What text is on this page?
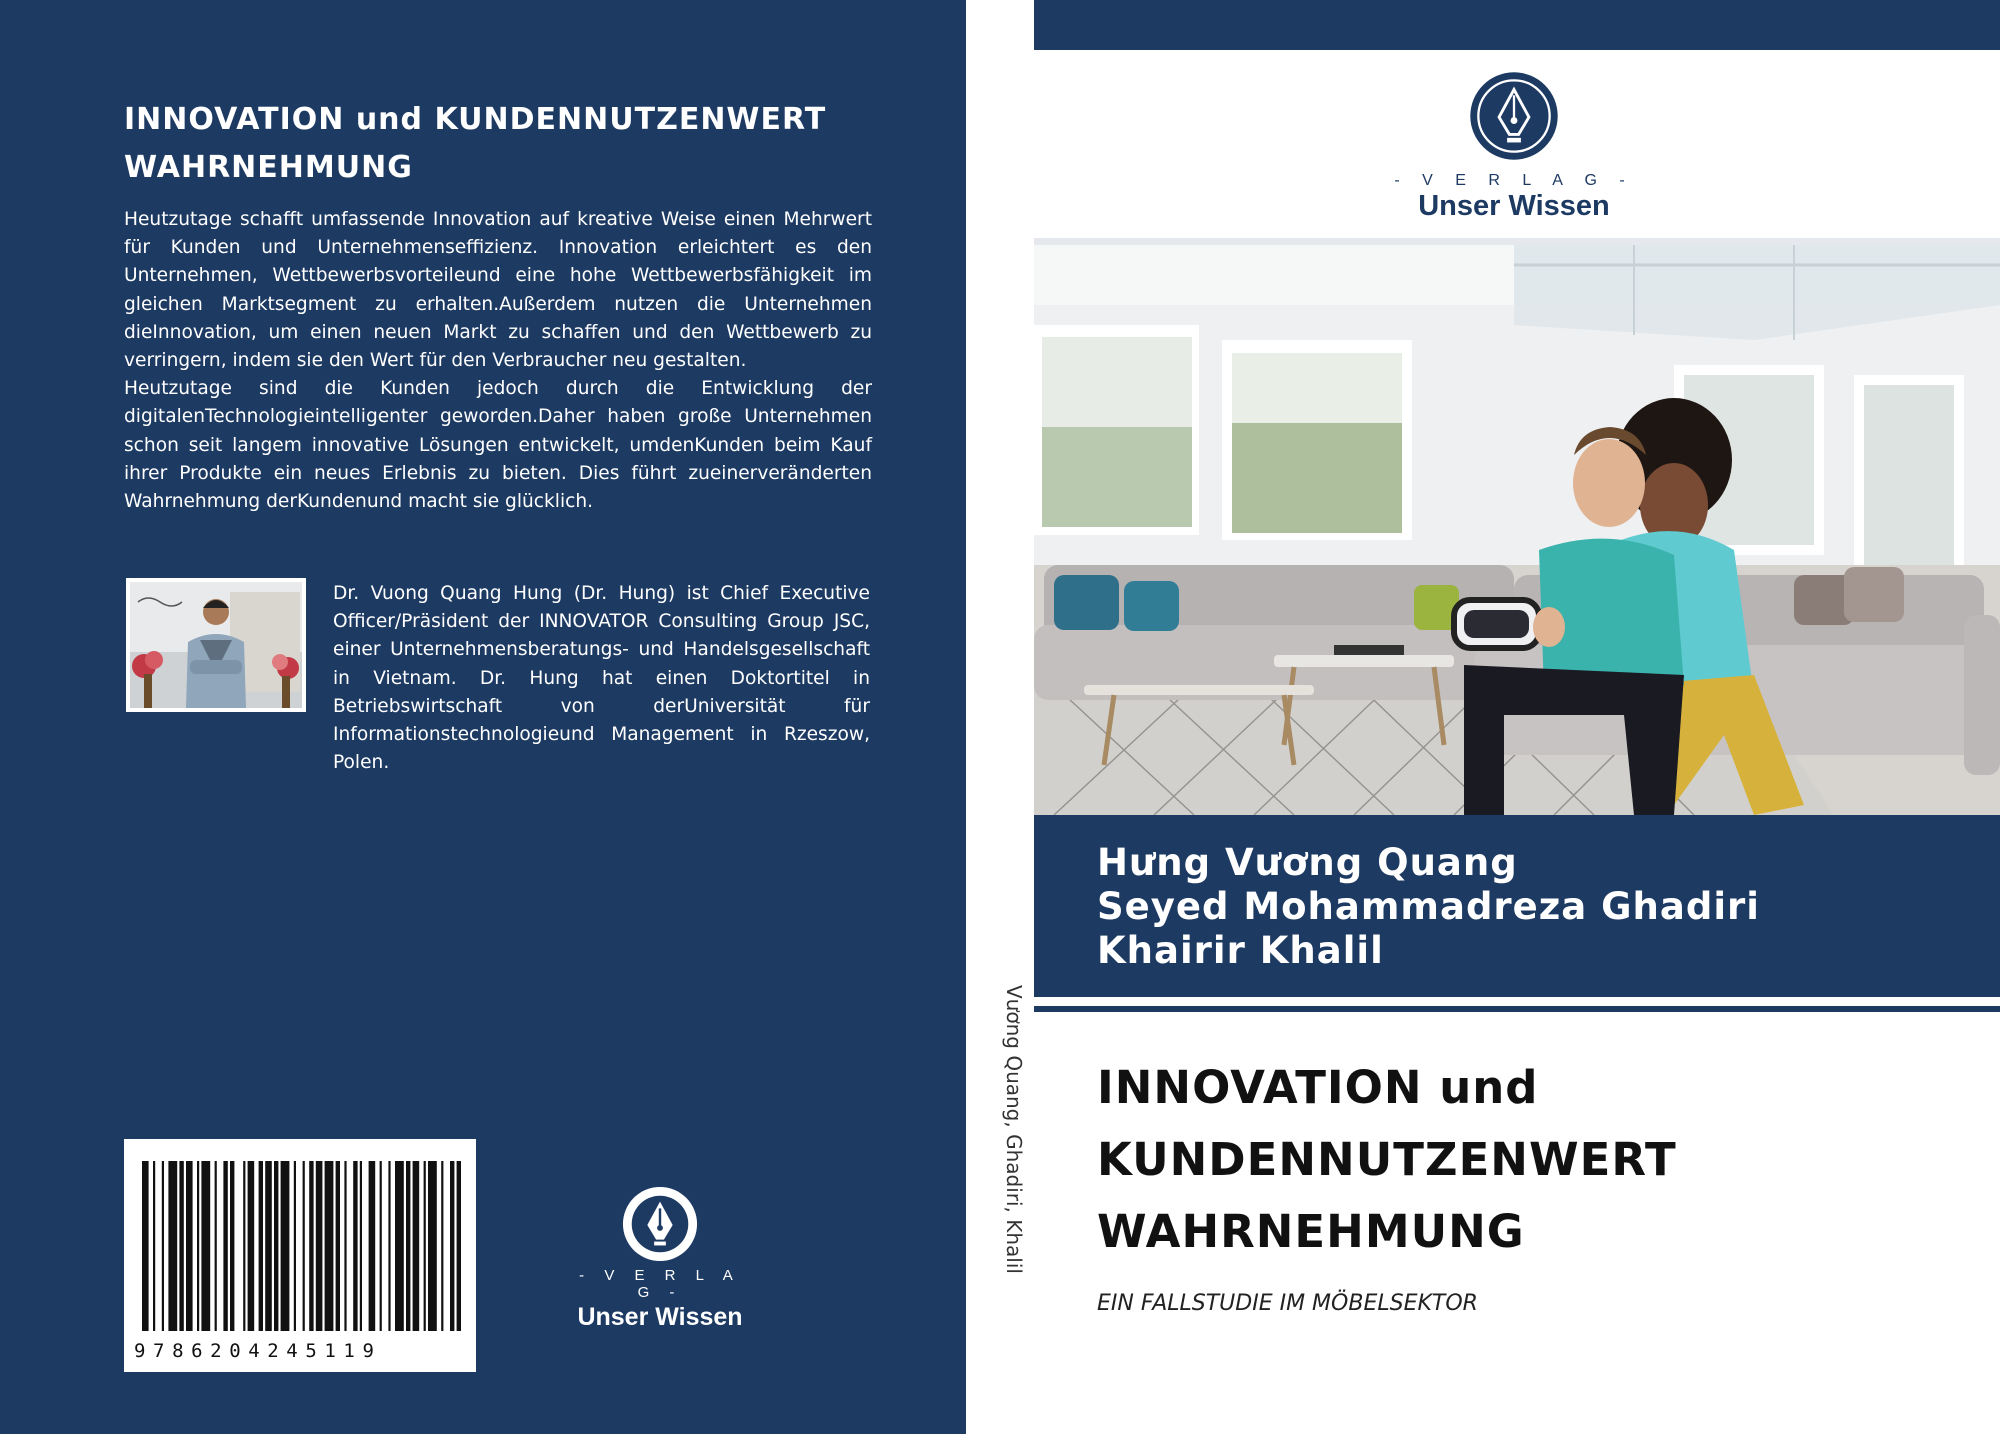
INNOVATION und KUNDENNUTZENWERT
WAHRNEHMUNG

Heutzutage schafft umfassende Innovation auf kreative Weise einen Mehrwert für Kunden und Unternehmenseffizienz. Innovation erleichtert es den Unternehmen, Wettbewerbsvorteileund eine hohe Wettbewerbsfähigkeit im gleichen Marktsegment zu erhalten.Außerdem nutzen die Unternehmen dieInnovation, um einen neuen Markt zu schaffen und den Wettbewerb zu verringern, indem sie den Wert für den Verbraucher neu gestalten.

Heutzutage sind die Kunden jedoch durch die Entwicklung der digitalenTechnologieintelligenter geworden.Daher haben große Unternehmen schon seit langem innovative Lösungen entwickelt, umdenKunden beim Kauf ihrer Produkte ein neues Erlebnis zu bieten. Dies führt zueinerveränderten Wahrnehmung derKundenund macht sie glücklich.

Dr. Vuong Quang Hung (Dr. Hung) ist Chief Executive Officer/Präsident der INNOVATOR Consulting Group JSC, einer Unternehmensberatungs- und Handelsgesellschaft in Vietnam. Dr. Hung hat einen Doktortitel in Betriebswirtschaft von derUniversität für Informationstechnologieund Management in Rzeszow, Polen.
9786204245119
- V E R L A G -
Unser Wissen
Vương Quang, Ghadiri, Khalil
- V E R L A G -
Unser Wissen
Hưng Vương Quang
Seyed Mohammadreza Ghadiri
Khairir Khalil
INNOVATION und
KUNDENNUTZENWERT
WAHRNEHMUNG
EIN FALLSTUDIE IM MÖBELSEKTOR
